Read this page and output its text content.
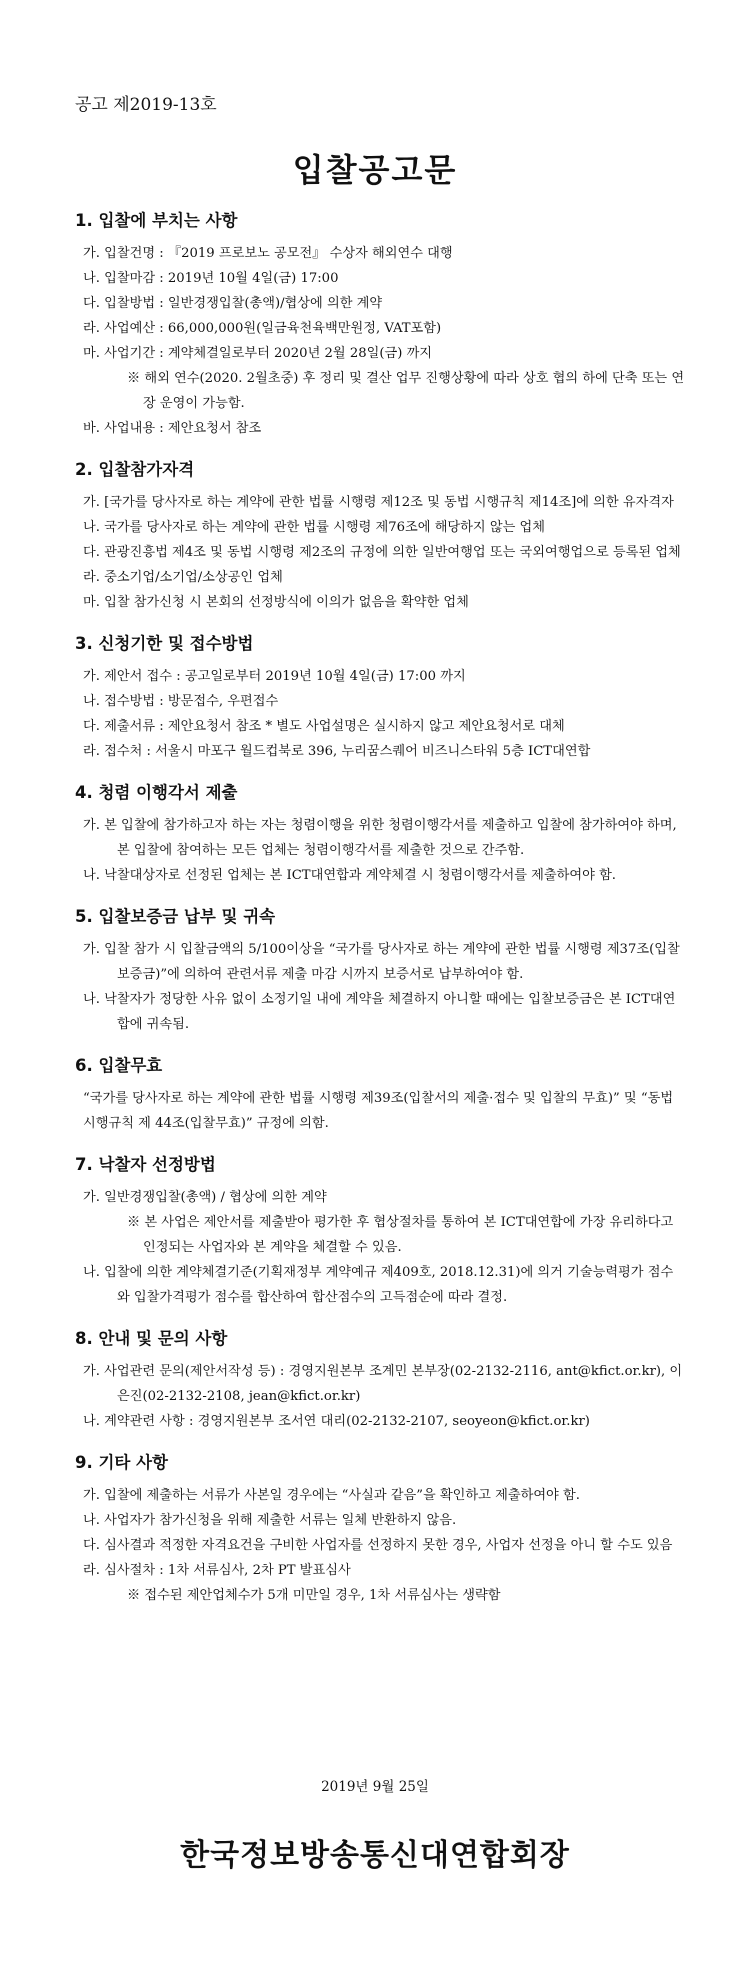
공고 제2019-13호
입찰공고문
1. 입찰에 부치는 사항
가. 입찰건명 : 『2019 프로보노 공모전』 수상자 해외연수 대행
나. 입찰마감 : 2019년 10월 4일(금) 17:00
다. 입찰방법 : 일반경쟁입찰(총액)/협상에 의한 계약
라. 사업예산 : 66,000,000원(일금육천육백만원정, VAT포함)
마. 사업기간 : 계약체결일로부터 2020년 2월 28일(금) 까지
※ 해외 연수(2020. 2월초중) 후 정리 및 결산 업무 진행상황에 따라 상호 협의 하에 단축 또는 연장 운영이 가능함.
바. 사업내용 : 제안요청서 참조
2. 입찰참가자격
가. [국가를 당사자로 하는 계약에 관한 법률 시행령 제12조 및 동법 시행규칙 제14조]에 의한 유자격자
나. 국가를 당사자로 하는 계약에 관한 법률 시행령 제76조에 해당하지 않는 업체
다. 관광진흥법 제4조 및 동법 시행령 제2조의 규정에 의한 일반여행업 또는 국외여행업으로 등록된 업체
라. 중소기업/소기업/소상공인 업체
마. 입찰 참가신청 시 본회의 선정방식에 이의가 없음을 확약한 업체
3. 신청기한 및 접수방법
가. 제안서 접수 : 공고일로부터 2019년 10월 4일(금) 17:00 까지
나. 접수방법 : 방문접수, 우편접수
다. 제출서류 : 제안요청서 참조 * 별도 사업설명은 실시하지 않고 제안요청서로 대체
라. 접수처 : 서울시 마포구 월드컵북로 396, 누리꿈스퀘어 비즈니스타워 5층 ICT대연합
4. 청렴 이행각서 제출
가. 본 입찰에 참가하고자 하는 자는 청렴이행을 위한 청렴이행각서를 제출하고 입찰에 참가하여야 하며, 본 입찰에 참여하는 모든 업체는 청렴이행각서를 제출한 것으로 간주함.
나. 낙찰대상자로 선정된 업체는 본 ICT대연합과 계약체결 시 청렴이행각서를 제출하여야 함.
5. 입찰보증금 납부 및 귀속
가. 입찰 참가 시 입찰금액의 5/100이상을 “국가를 당사자로 하는 계약에 관한 법률 시행령 제37조(입찰보증금)”에 의하여 관련서류 제출 마감 시까지 보증서로 납부하여야 함.
나. 낙찰자가 정당한 사유 없이 소정기일 내에 계약을 체결하지 아니할 때에는 입찰보증금은 본 ICT대연합에 귀속됨.
6. 입찰무효
“국가를 당사자로 하는 계약에 관한 법률 시행령 제39조(입찰서의 제출·접수 및 입찰의 무효)” 및 “동법 시행규칙 제 44조(입찰무효)” 규정에 의함.
7. 낙찰자 선정방법
가. 일반경쟁입찰(총액) / 협상에 의한 계약
※ 본 사업은 제안서를 제출받아 평가한 후 협상절차를 통하여 본 ICT대연합에 가장 유리하다고 인정되는 사업자와 본 계약을 체결할 수 있음.
나. 입찰에 의한 계약체결기준(기획재정부 계약예규 제409호, 2018.12.31)에 의거 기술능력평가 점수와 입찰가격평가 점수를 합산하여 합산점수의 고득점순에 따라 결정.
8. 안내 및 문의 사항
가. 사업관련 문의(제안서작성 등) : 경영지원본부 조계민 본부장(02-2132-2116, ant@kfict.or.kr), 이은진(02-2132-2108, jean@kfict.or.kr)
나. 계약관련 사항 : 경영지원본부 조서연 대리(02-2132-2107, seoyeon@kfict.or.kr)
9. 기타 사항
가. 입찰에 제출하는 서류가 사본일 경우에는 “사실과 같음”을 확인하고 제출하여야 함.
나. 사업자가 참가신청을 위해 제출한 서류는 일체 반환하지 않음.
다. 심사결과 적정한 자격요건을 구비한 사업자를 선정하지 못한 경우, 사업자 선정을 아니 할 수도 있음
라. 심사절차 : 1차 서류심사, 2차 PT 발표심사
※ 접수된 제안업체수가 5개 미만일 경우, 1차 서류심사는 생략함
2019년 9월 25일
한국정보방송통신대연합회장
